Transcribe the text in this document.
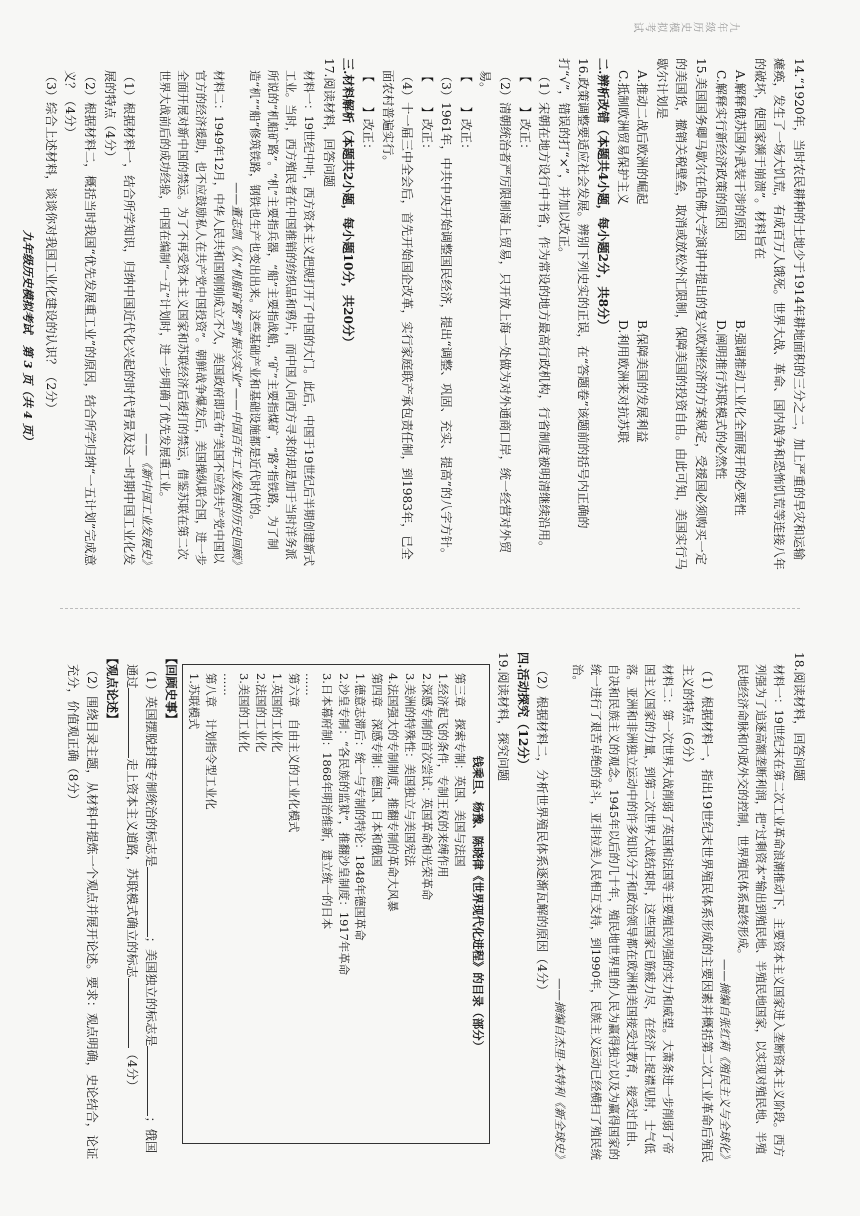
九年级历史模拟考试

14.“1920年，当时农民耕种的土地少于1914年耕地面积的三分之二，加上严重的旱灾和运输瘫痪，发生了一场大饥荒，有成百万人饿死。世界大战、革命、国内战争和恐怖饥荒等连接八年的破坏，使国家濒于崩溃”。材料旨在

A.解释俄苏国外武装干涉的原因
B.强调推动工业化全面展开的必要性
C.解释实行新经济政策的原因
D.阐明推行苏联模式的必然性

15.美国国务卿马歇尔在哈佛大学演讲中提出的复兴欧洲经济的方案规定，受援国必须购买一定的美国货，撤销关税壁垒，取消或放松外汇限制，保障美国的投资自由。由此可知，美国实行马歇尔计划是

A.推动二战后欧洲的崛起
B.保障美国的发展利益
C.抵制欧洲贸易保护主义
D.利用欧洲来对抗苏联

二.辨析改错（本题共4小题，每小题2分，共8分）

16.政策调整要适应社会发展。辨别下列史实的正误，在“答题卷”该题前的括号内正确的打“√”，错误的打“×”，并加以改正。

（1）宋朝在地方设行中书省，作为常设的地方最高行政机构，行省制度被明清继续沿用。

【　　】改正：

（2）清朝统治者严厉限制海上贸易，只开放上海一处做为对外通商口岸，统一经营对外贸易。

【　　】改正：

（3）1961年，中共中央开始调整国民经济，提出“调整、巩固、充实、提高”的八字方针。

【　　】改正：

（4）十一届三中全会后，首先开始国企改革，实行家庭联产承包责任制，到1983年，已全面农村普遍实行。

【　　】改正：

三.材料解析（本题共2小题，每小题10分，共20分）

17.阅读材料，回答问题

材料一：19世纪中叶，西方资本主义把规打开了中国的大门。此后，中国于19世纪后半期创建新式工业。当时，西方殖民者在中国推销的纺织品和鸦片，而中国人向西方寻求的却是加于当时洋务派所说的“机船矿路”。“机”主要指兵器，“船”主要指战船，“矿”主要指煤矿，“路”指铁路，为了制造“机”“船”修筑铁路，钢铁也生产也变出出来。这些基础产业和基础设施都是近代时代的。

——董志凯《从“机船矿路”到“振兴实业”——中国百年工业发展的历史回顾》

材料二：1949年12月，中华人民共和国刚刚成立不久，美国政府即宣布“美国不应给共产党中国以官方的经济援助，也不应鼓励私人在共产党中国投资”。朝鲜战争爆发后，美国操纵联合国，进一步全面开展对新中国的禁运。为了不再受资本主义国家和苏联经济后援打的禁运，借鉴苏联在第二次世界大战前后的成功经验，中国在编制“一五”计划时，进一步明确了优先发展重工业。

——《新中国工业发展史》

（1）根据材料一，结合所学知识，归纳中国近代化兴起的时代背景及这一时期中国工业化发展的特点（4分）

（2）根据材料二，概括当时我国“优先发展重工业”的原因，结合所学归纳“一五计划”完成意义？（4分）

（3）综合上述材料，谈谈你对我国工业化建设的认识？（2分）

18.阅读材料，回答问题

材料一：19世纪末在第二次工业革命浪潮推动下，主要资本主义国家进入垄断资本主义阶段。西方列强为了追逐高额垄断利润，把“过剩资本”输出到殖民地、半殖民地国家，以实现对殖民地、半殖民地经济命脉和内政外交的控制，世界殖民体系最终形成。

——摘编自张红莉《殖民主义与全球化》

（1）根据材料一，指出19世纪末世界殖民体系形成的主要因素并概括第二次工业革命后殖民主义的特点（6分）

材料二：第一次世界大战削弱了英国和法国等主要殖民列强的实力和威望。大萧条进一步削弱了帝国主义国家的力量，到第二次世界大战结束时，这些国家已筋疲力尽，在经济上捉襟见肘，士气低落。亚洲和非洲独立运动中的许多知识分子和政治领导都在欧洲和美国接受过教育，接受过自由、自决和民族主义的观念。1945年以后的几十年，殖民地世界里的人民为赢得独立以及为赢得国家的统一进行了艰苦卓绝的奋斗，亚非拉美人民相互支持，到1990年，民族主义运动已经横扫了殖民统治。

——摘编自杰里·本特利《新全球史》

（2）根据材料二，分析世界殖民体系逐渐瓦解的原因（4分）

四.活动探究（12分）

19.阅读材料，探究问题

钱乘旦、杨豫、陈晓律《世界现代化进程》的目录（部分）
第三章　探索专制：英国、美国与法国
1.经济起飞的条件，专制王权的来缚作用
2.深感专制的首次尝试：英国革命和光荣革命
3.美洲的特殊性：美国独立与美国宪法
4.法国强大的专制制度，推翻专制的革命大风暴
第四章　深感专制：德国、日本和俄国
1.德意志滞后：统一与专制的特论：1848年德国革命
2.沙皇专制：“各民族的监狱”，推翻沙皇制度：1917年革命
3.日本幕府制：1868年明治维新，建立统一的日本
……
第六章　自由主义的工业化模式
1.英国的工业化
2.法国的工业化
3.美国的工业化
……
第八章　计划指令型工业化
1.苏联模式

【回顾史事】

（1）英国摆脱封建专制统治的标志是；美国独立的标志是；俄国通过走上资本主义道路，苏联模式确立的标志（4分）

【观点论述】

（2）围绕目录主题，从材料中提炼一个观点并展开论述。要求：观点明确，史论结合，论证充分，价值观正确（8分）

九年级历史模拟考试　第 3 页（共 4 页）
